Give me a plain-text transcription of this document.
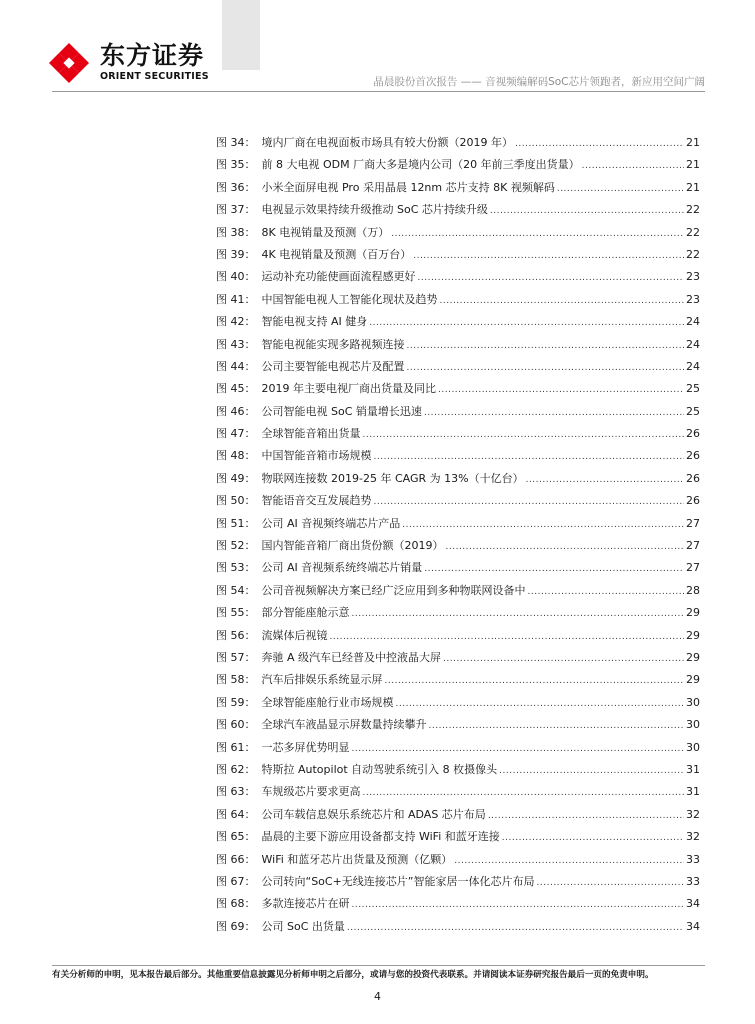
东方证券
ORIENT SECURITIES	晶晨股份首次报告 —— 音视频编解码SoC芯片领跑者，新应用空间广阔
图 34： 境内厂商在电视面板市场具有较大份额（2019 年） .....	21
图 35： 前 8 大电视 ODM 厂商大多是境内公司（20 年前三季度出货量） .....	21
图 36： 小米全面屏电视 Pro 采用晶晨 12nm 芯片支持 8K 视频解码 .....	21
图 37： 电视显示效果持续升级推动 SoC 芯片持续升级 .....	22
图 38： 8K 电视销量及预测（万） .....	22
图 39： 4K 电视销量及预测（百万台） .....	22
图 40： 运动补充功能使画面流程感更好 .....	23
图 41： 中国智能电视人工智能化现状及趋势 .....	23
图 42： 智能电视支持 AI 健身 .....	24
图 43： 智能电视能实现多路视频连接 .....	24
图 44： 公司主要智能电视芯片及配置 .....	24
图 45： 2019 年主要电视厂商出货量及同比 .....	25
图 46： 公司智能电视 SoC 销量增长迅速 .....	25
图 47： 全球智能音箱出货量 .....	26
图 48： 中国智能音箱市场规模 .....	26
图 49： 物联网连接数 2019-25 年 CAGR 为 13%（十亿台） .....	26
图 50： 智能语音交互发展趋势 .....	26
图 51： 公司 AI 音视频终端芯片产品 .....	27
图 52： 国内智能音箱厂商出货份额（2019） .....	27
图 53： 公司 AI 音视频系统终端芯片销量 .....	27
图 54： 公司音视频解决方案已经广泛应用到多种物联网设备中 .....	28
图 55： 部分智能座舱示意 .....	29
图 56： 流媒体后视镜 .....	29
图 57： 奔驰 A 级汽车已经普及中控液晶大屏 .....	29
图 58： 汽车后排娱乐系统显示屏 .....	29
图 59： 全球智能座舱行业市场规模 .....	30
图 60： 全球汽车液晶显示屏数量持续攀升 .....	30
图 61： 一芯多屏优势明显 .....	30
图 62： 特斯拉 Autopilot 自动驾驶系统引入 8 枚摄像头 .....	31
图 63： 车规级芯片要求更高 .....	31
图 64： 公司车载信息娱乐系统芯片和 ADAS 芯片布局 .....	32
图 65： 晶晨的主要下游应用设备都支持 WiFi 和蓝牙连接 .....	32
图 66： WiFi 和蓝牙芯片出货量及预测（亿颗） .....	33
图 67： 公司转向“SoC+无线连接芯片”智能家居一体化芯片布局 .....	33
图 68： 多款连接芯片在研 .....	34
图 69： 公司 SoC 出货量 .....	34
有关分析师的申明，见本报告最后部分。其他重要信息披露见分析师申明之后部分，或请与您的投资代表联系。并请阅读本证券研究报告最后一页的免责申明。
4
